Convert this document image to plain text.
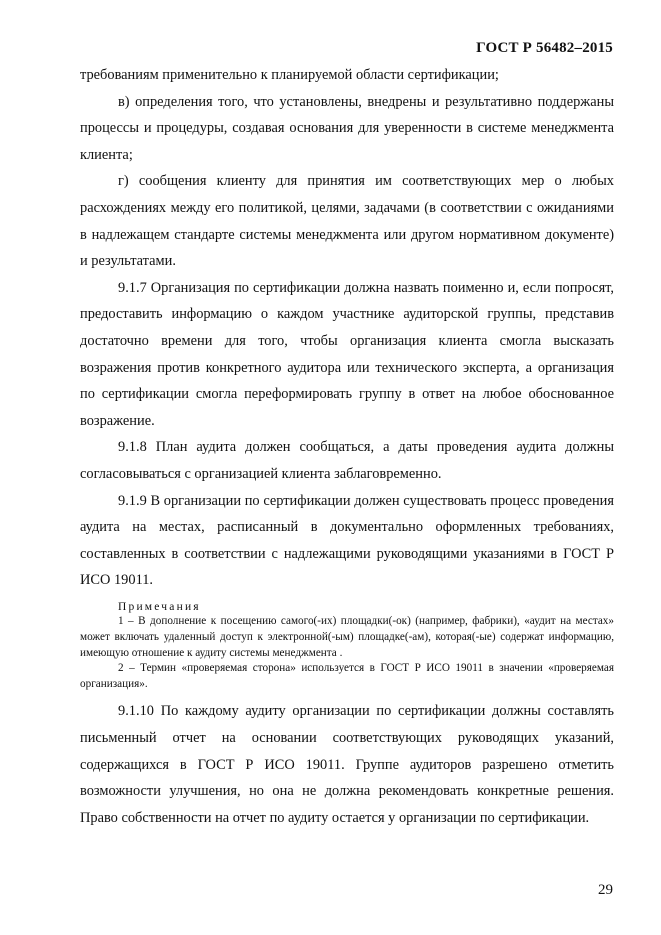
ГОСТ Р 56482–2015

требованиям применительно к планируемой области сертификации;

в) определения того, что установлены, внедрены и результативно поддержаны процессы и процедуры, создавая основания для уверенности в системе менеджмента клиента;

г) сообщения клиенту для принятия им соответствующих мер о любых расхождениях между его политикой, целями, задачами (в соответствии с ожиданиями в надлежащем стандарте системы менеджмента или другом нормативном документе) и результатами.

9.1.7 Организация по сертификации должна назвать поименно и, если попросят, предоставить информацию о каждом участнике аудиторской группы, представив достаточно времени для того, чтобы организация клиента смогла высказать возражения против конкретного аудитора или технического эксперта, а организация по сертификации смогла переформировать группу в ответ на любое обоснованное возражение.

9.1.8 План аудита должен сообщаться, а даты проведения аудита должны согласовываться с организацией клиента заблаговременно.

9.1.9 В организации по сертификации должен существовать процесс проведения аудита на местах, расписанный в документально оформленных требованиях, составленных в соответствии с надлежащими руководящими указаниями в ГОСТ Р ИСО 19011.

Примечания

1 – В дополнение к посещению самого(-их) площадки(-ок) (например, фабрики), «аудит на местах» может включать удаленный доступ к электронной(-ым) площадке(-ам), которая(-ые) содержат информацию, имеющую отношение к аудиту системы менеджмента .

2 – Термин «проверяемая сторона» используется в ГОСТ Р ИСО 19011 в значении «проверяемая организация».

9.1.10 По каждому аудиту организации по сертификации должны составлять письменный отчет на основании соответствующих руководящих указаний, содержащихся в ГОСТ Р ИСО 19011. Группе аудиторов разрешено отметить возможности улучшения, но она не должна рекомендовать конкретные решения. Право собственности на отчет по аудиту остается у организации по сертификации.

29
